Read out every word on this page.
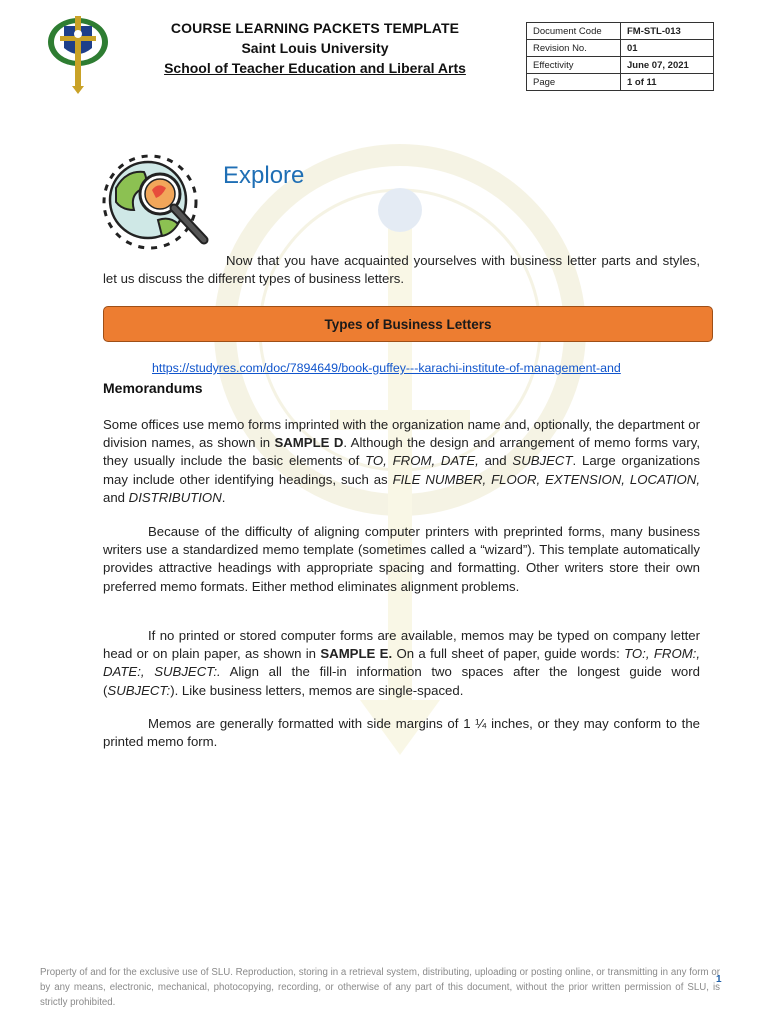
COURSE LEARNING PACKETS TEMPLATE
Saint Louis University
School of Teacher Education and Liberal Arts
Document Code	FM-STL-013
Revision No.	01
Effectivity	June 07, 2021
Page	1 of 11
Explore
Now that you have acquainted yourselves with business letter parts and styles, let us discuss the different types of business letters.
Types of Business Letters
https://studyres.com/doc/7894649/book-guffey---karachi-institute-of-management-and
Memorandums
Some offices use memo forms imprinted with the organization name and, optionally, the department or division names, as shown in SAMPLE D. Although the design and arrangement of memo forms vary, they usually include the basic elements of TO, FROM, DATE, and SUBJECT. Large organizations may include other identifying headings, such as FILE NUMBER, FLOOR, EXTENSION, LOCATION, and DISTRIBUTION.
Because of the difficulty of aligning computer printers with preprinted forms, many business writers use a standardized memo template (sometimes called a “wizard”). This template automatically provides attractive headings with appropriate spacing and formatting. Other writers store their own preferred memo formats. Either method eliminates alignment problems.
If no printed or stored computer forms are available, memos may be typed on company letter head or on plain paper, as shown in SAMPLE E. On a full sheet of paper, guide words: TO:, FROM:, DATE:, SUBJECT:. Align all the fill-in information two spaces after the longest guide word (SUBJECT:). Like business letters, memos are single-spaced.
Memos are generally formatted with side margins of 1 ¼ inches, or they may conform to the printed memo form.
Property of and for the exclusive use of SLU. Reproduction, storing in a retrieval system, distributing, uploading or posting online, or transmitting in any form or by any means, electronic, mechanical, photocopying, recording, or otherwise of any part of this document, without the prior written permission of SLU, is strictly prohibited.
1
